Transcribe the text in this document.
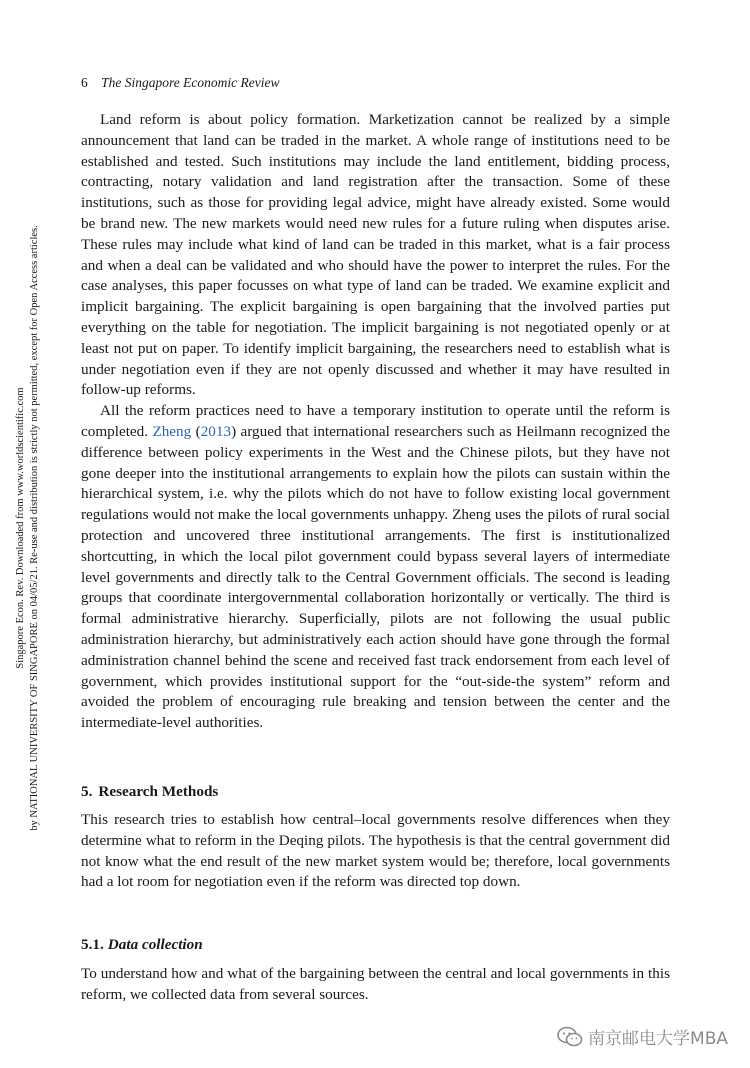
6 The Singapore Economic Review
Singapore Econ. Rev. Downloaded from www.worldscientific.com by NATIONAL UNIVERSITY OF SINGAPORE on 04/05/21. Re-use and distribution is strictly not permitted, except for Open Access articles.

Land reform is about policy formation. Marketization cannot be realized by a simple announcement that land can be traded in the market. A whole range of institutions need to be established and tested. Such institutions may include the land entitlement, bidding process, contracting, notary validation and land registration after the transaction. Some of these institutions, such as those for providing legal advice, might have already existed. Some would be brand new. The new markets would need new rules for a future ruling when disputes arise. These rules may include what kind of land can be traded in this market, what is a fair process and when a deal can be validated and who should have the power to interpret the rules. For the case analyses, this paper focusses on what type of land can be traded. We examine explicit and implicit bargaining. The explicit bargaining is open bargaining that the involved parties put everything on the table for negotiation. The implicit bargaining is not negotiated openly or at least not put on paper. To identify implicit bargaining, the researchers need to establish what is under negotiation even if they are not openly discussed and whether it may have resulted in follow-up reforms.

All the reform practices need to have a temporary institution to operate until the reform is completed. Zheng (2013) argued that international researchers such as Heilmann recognized the difference between policy experiments in the West and the Chinese pilots, but they have not gone deeper into the institutional arrangements to explain how the pilots can sustain within the hierarchical system, i.e. why the pilots which do not have to follow existing local government regulations would not make the local governments unhappy. Zheng uses the pilots of rural social protection and uncovered three institutional arrangements. The first is institutionalized shortcutting, in which the local pilot government could bypass several layers of intermediate level governments and directly talk to the Central Government officials. The second is leading groups that coordinate intergovernmental collaboration horizontally or vertically. The third is formal administrative hierarchy. Superficially, pilots are not following the usual public administration hierarchy, but administratively each action should have gone through the formal administration channel behind the scene and received fast track endorsement from each level of government, which provides institutional support for the “out-side-the system” reform and avoided the problem of encouraging rule breaking and tension between the center and the intermediate-level authorities.

5. Research Methods

This research tries to establish how central–local governments resolve differences when they determine what to reform in the Deqing pilots. The hypothesis is that the central government did not know what the end result of the new market system would be; therefore, local governments had a lot room for negotiation even if the reform was directed top down.

5.1. Data collection

To understand how and what of the bargaining between the central and local governments in this reform, we collected data from several sources.

南京邮电大学MBA
